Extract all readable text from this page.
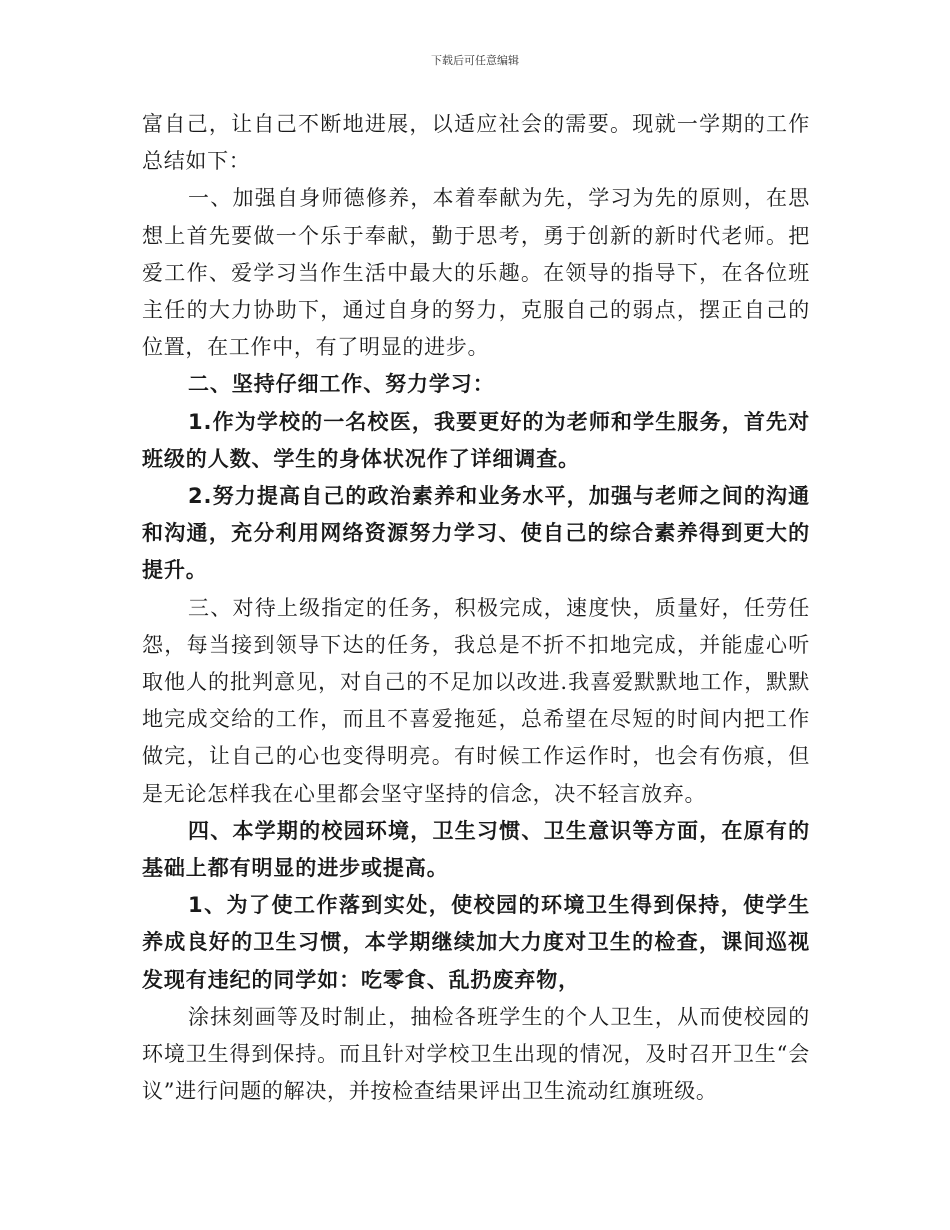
下载后可任意编辑

富自己，让自己不断地进展，以适应社会的需要。现就一学期的工作总结如下：

一、加强自身师德修养，本着奉献为先，学习为先的原则，在思想上首先要做一个乐于奉献，勤于思考，勇于创新的新时代老师。把爱工作、爱学习当作生活中最大的乐趣。在领导的指导下，在各位班主任的大力协助下，通过自身的努力，克服自己的弱点，摆正自己的位置，在工作中，有了明显的进步。

二、坚持仔细工作、努力学习：

1.作为学校的一名校医，我要更好的为老师和学生服务，首先对班级的人数、学生的身体状况作了详细调查。

2.努力提高自己的政治素养和业务水平，加强与老师之间的沟通和沟通，充分利用网络资源努力学习、使自己的综合素养得到更大的提升。

三、对待上级指定的任务，积极完成，速度快，质量好，任劳任怨，每当接到领导下达的任务，我总是不折不扣地完成，并能虚心听取他人的批判意见，对自己的不足加以改进.我喜爱默默地工作，默默地完成交给的工作，而且不喜爱拖延，总希望在尽短的时间内把工作做完，让自己的心也变得明亮。有时候工作运作时，也会有伤痕，但是无论怎样我在心里都会坚守坚持的信念，决不轻言放弃。

四、本学期的校园环境，卫生习惯、卫生意识等方面，在原有的基础上都有明显的进步或提高。

1、为了使工作落到实处，使校园的环境卫生得到保持，使学生养成良好的卫生习惯，本学期继续加大力度对卫生的检查，课间巡视发现有违纪的同学如：吃零食、乱扔废弃物，

涂抹刻画等及时制止，抽检各班学生的个人卫生，从而使校园的环境卫生得到保持。而且针对学校卫生出现的情况，及时召开卫生“会议”进行问题的解决，并按检查结果评出卫生流动红旗班级。
